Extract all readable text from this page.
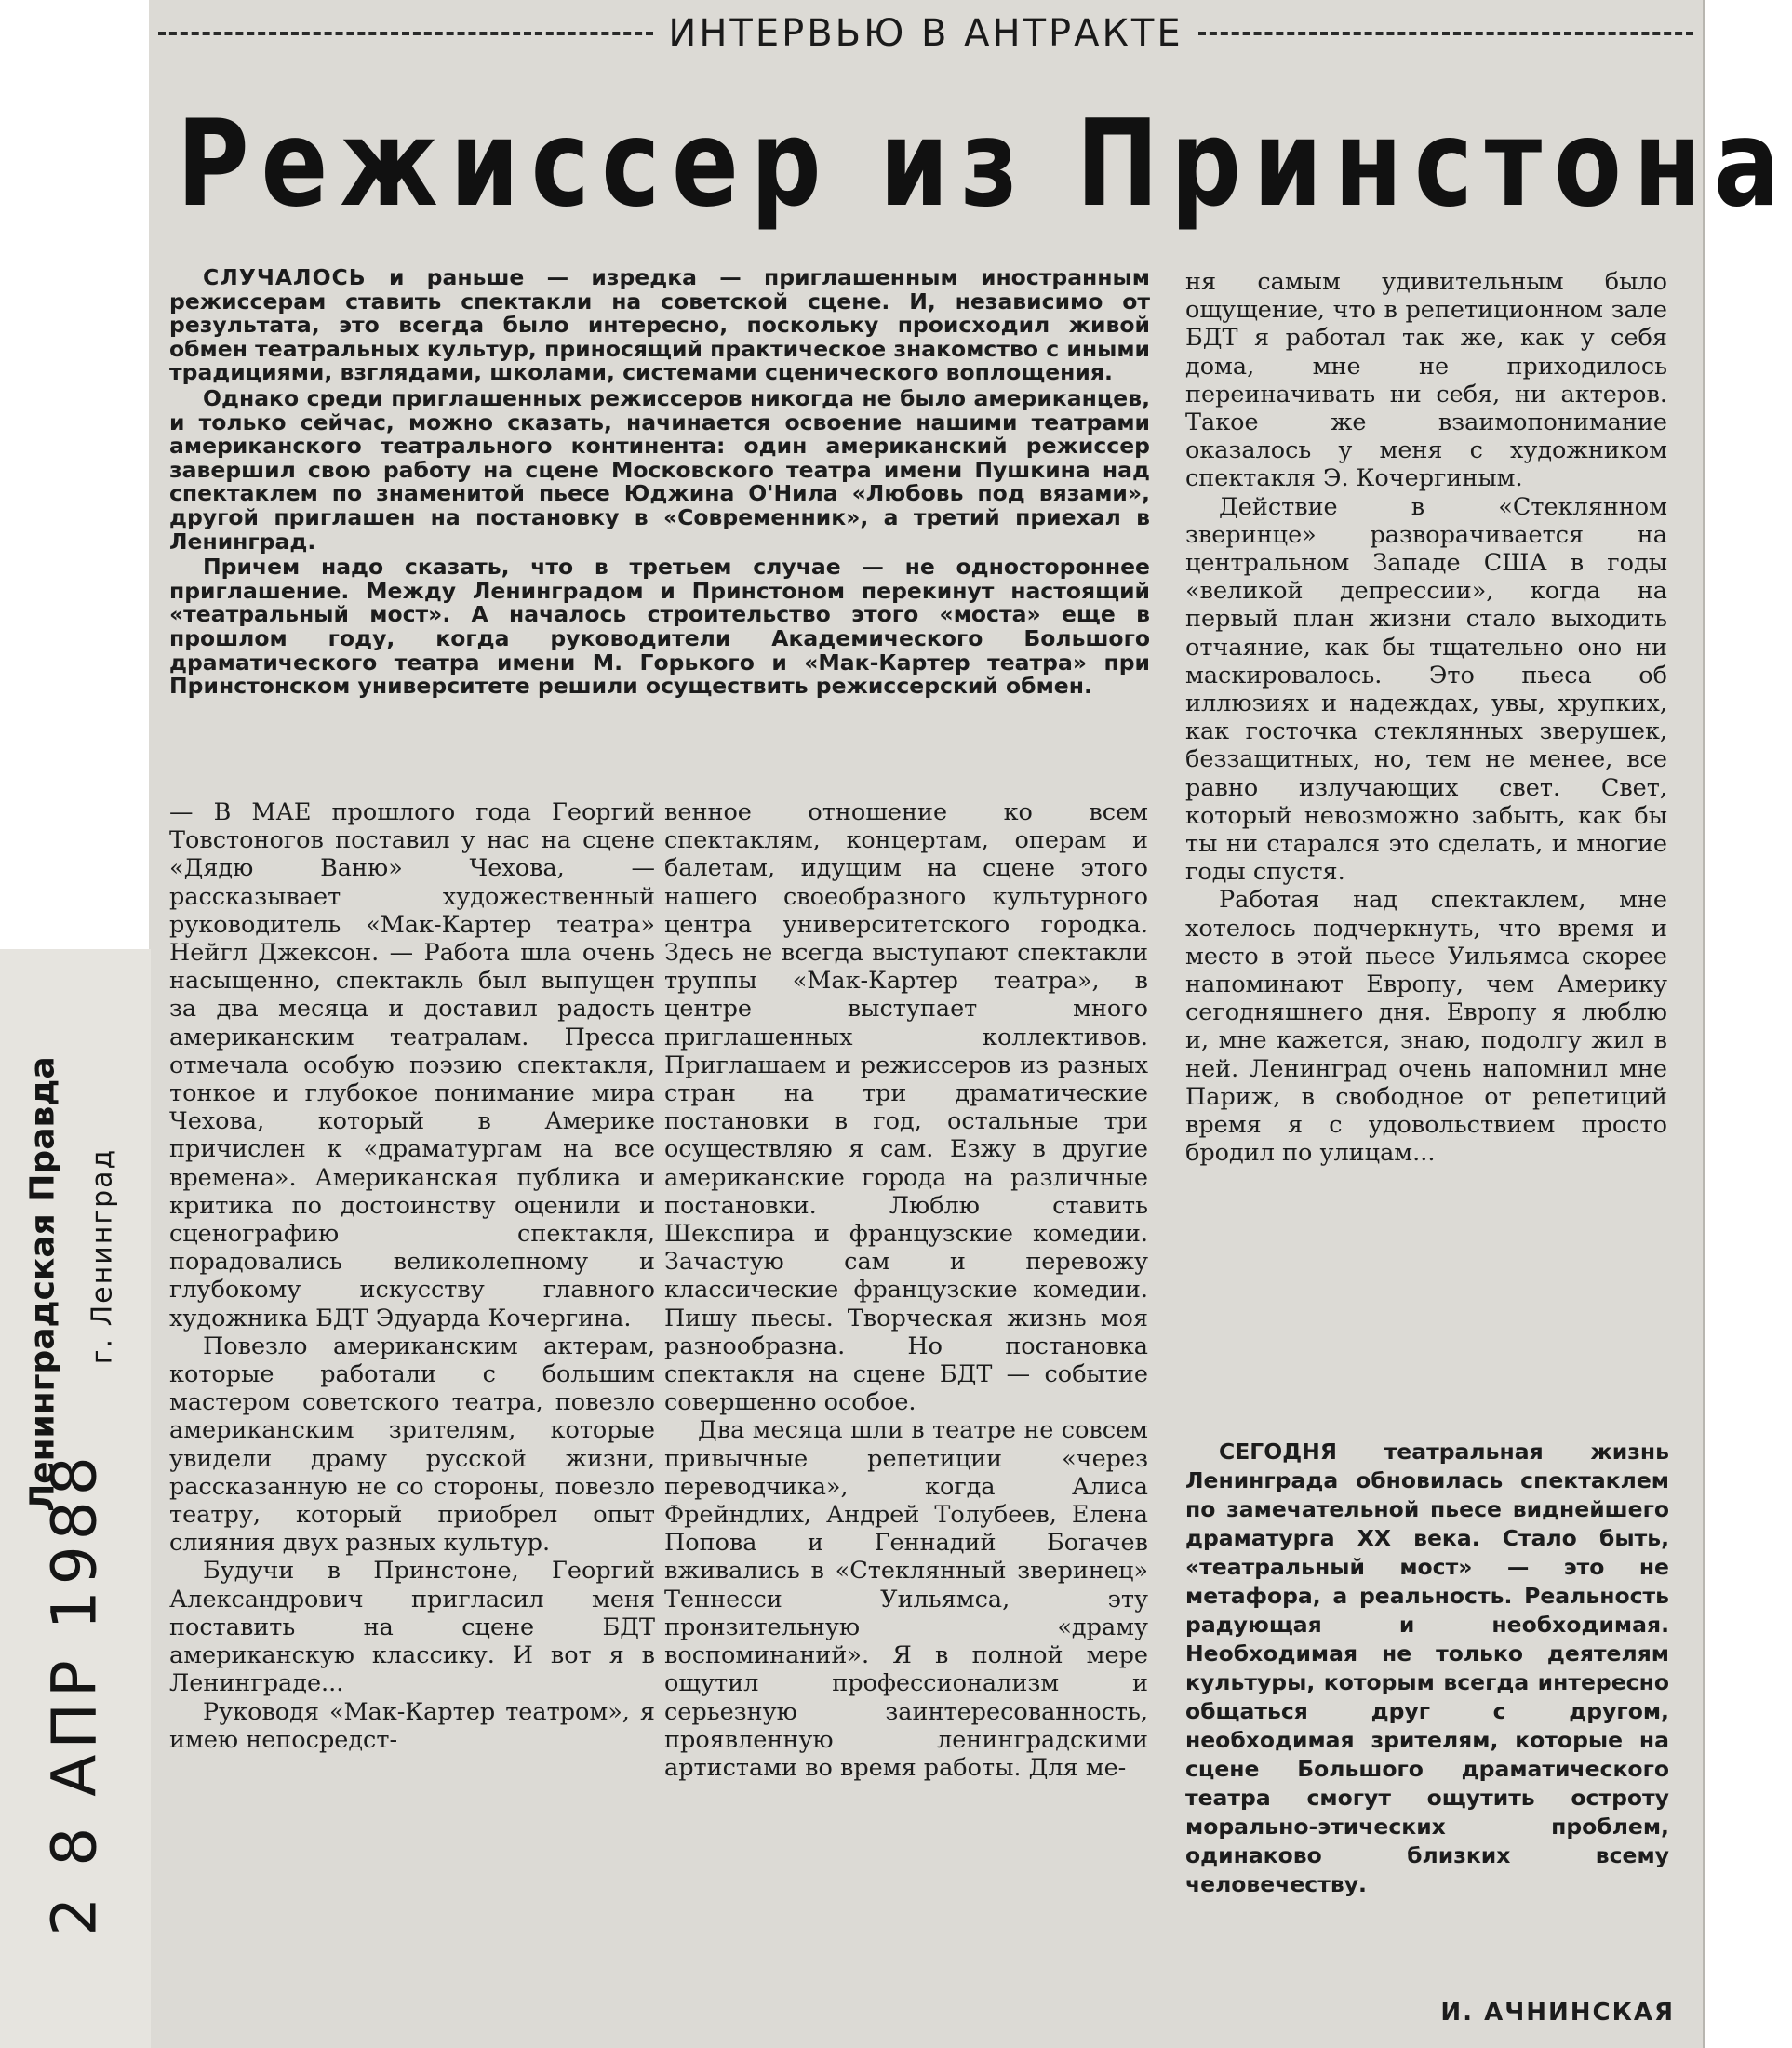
ИНТЕРВЬЮ В АНТРАКТЕ
Режиссер из Принстона

СЛУЧАЛОСЬ и раньше — изредка — приглашенным иностранным режиссерам ставить спектакли на советской сцене. И, независимо от результата, это всегда было интересно, поскольку происходил живой обмен театральных культур, приносящий практическое знакомство с иными традициями, взглядами, школами, системами сценического воплощения.

Однако среди приглашенных режиссеров никогда не было американцев, и только сейчас, можно сказать, начинается освоение нашими театрами американского театрального континента: один американский режиссер завершил свою работу на сцене Московского театра имени Пушкина над спектаклем по знаменитой пьесе Юджина О'Нила «Любовь под вязами», другой приглашен на постановку в «Современник», а третий приехал в Ленинград.

Причем надо сказать, что в третьем случае — не одностороннее приглашение. Между Ленинградом и Принстоном перекинут настоящий «театральный мост». А началось строительство этого «моста» еще в прошлом году, когда руководители Академического Большого драматического театра имени М. Горького и «Мак-Картер театра» при Принстонском университете решили осуществить режиссерский обмен.

— В МАЕ прошлого года Георгий Товстоногов поставил у нас на сцене «Дядю Ваню» Чехова, — рассказывает художественный руководитель «Мак-Картер театра» Нейгл Джексон. — Работа шла очень насыщенно, спектакль был выпущен за два месяца и доставил радость американским театралам. Пресса отмечала особую поэзию спектакля, тонкое и глубокое понимание мира Чехова, который в Америке причислен к «драматургам на все времена». Американская публика и критика по достоинству оценили и сценографию спектакля, порадовались великолепному и глубокому искусству главного художника БДТ Эдуарда Кочергина.

Повезло американским актерам, которые работали с большим мастером советского театра, повезло американским зрителям, которые увидели драму русской жизни, рассказанную не со стороны, повезло театру, который приобрел опыт слияния двух разных культур.

Будучи в Принстоне, Георгий Александрович пригласил меня поставить на сцене БДТ американскую классику. И вот я в Ленинграде...

Руководя «Мак-Картер театром», я имею непосредст-

венное отношение ко всем спектаклям, концертам, операм и балетам, идущим на сцене этого нашего своеобразного культурного центра университетского городка. Здесь не всегда выступают спектакли труппы «Мак-Картер театра», в центре выступает много приглашенных коллективов. Приглашаем и режиссеров из разных стран на три драматические постановки в год, остальные три осуществляю я сам. Езжу в другие американские города на различные постановки. Люблю ставить Шекспира и французские комедии. Зачастую сам и перевожу классические французские комедии. Пишу пьесы. Творческая жизнь моя разнообразна. Но постановка спектакля на сцене БДТ — событие совершенно особое.

Два месяца шли в театре не совсем привычные репетиции «через переводчика», когда Алиса Фрейндлих, Андрей Толубеев, Елена Попова и Геннадий Богачев вживались в «Стеклянный зверинец» Теннесси Уильямса, эту пронзительную «драму воспоминаний». Я в полной мере ощутил профессионализм и серьезную заинтересованность, проявленную ленинградскими артистами во время работы. Для ме-

ня самым удивительным было ощущение, что в репетиционном зале БДТ я работал так же, как у себя дома, мне не приходилось переиначивать ни себя, ни актеров. Такое же взаимопонимание оказалось у меня с художником спектакля Э. Кочергиным.

Действие в «Стеклянном зверинце» разворачивается на центральном Западе США в годы «великой депрессии», когда на первый план жизни стало выходить отчаяние, как бы тщательно оно ни маскировалось. Это пьеса об иллюзиях и надеждах, увы, хрупких, как госточка стеклянных зверушек, беззащитных, но, тем не менее, все равно излучающих свет. Свет, который невозможно забыть, как бы ты ни старался это сделать, и многие годы спустя.

Работая над спектаклем, мне хотелось подчеркнуть, что время и место в этой пьесе Уильямса скорее напоминают Европу, чем Америку сегодняшнего дня. Европу я люблю и, мне кажется, знаю, подолгу жил в ней. Ленинград очень напомнил мне Париж, в свободное от репетиций время я с удовольствием просто бродил по улицам...

СЕГОДНЯ театральная жизнь Ленинграда обновилась спектаклем по замечательной пьесе виднейшего драматурга XX века. Стало быть, «театральный мост» — это не метафора, а реальность. Реальность радующая и необходимая. Необходимая не только деятелям культуры, которым всегда интересно общаться друг с другом, необходимая зрителям, которые на сцене Большого драматического театра смогут ощутить остроту морально-этических проблем, одинаково близких всему человечеству.

И. АЧНИНСКАЯ
Ленинградская Правда г. Ленинград
2 8 АПР 1988
